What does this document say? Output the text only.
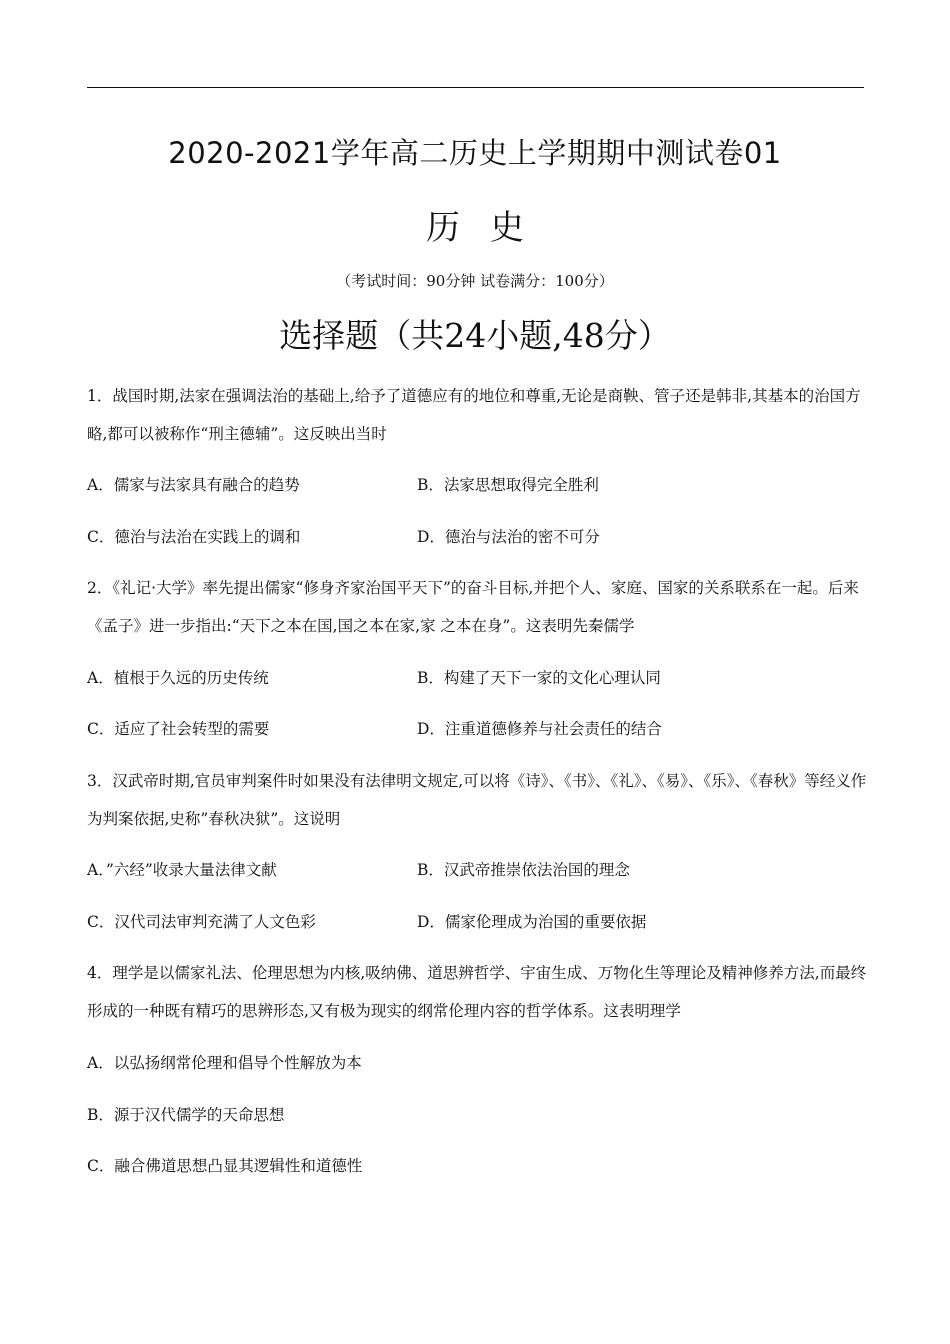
2020-2021学年高二历史上学期期中测试卷01
历史
（考试时间：90分钟 试卷满分：100分）
选择题（共24小题,48分）
1．战国时期,法家在强调法治的基础上,给予了道德应有的地位和尊重,无论是商鞅、管子还是韩非,其基本的治国方略,都可以被称作“刑主德辅”。这反映出当时
A．儒家与法家具有融合的趋势	B．法家思想取得完全胜利
C．德治与法治在实践上的调和	D．德治与法治的密不可分
2．《礼记·大学》率先提出儒家“修身齐家治国平天下”的奋斗目标,并把个人、家庭、国家的关系联系在一起。后来《孟子》进一步指出:“天下之本在国,国之本在家,家 之本在身”。这表明先秦儒学
A．植根于久远的历史传统	B．构建了天下一家的文化心理认同
C．适应了社会转型的需要	D．注重道德修养与社会责任的结合
3．汉武帝时期,官员审判案件时如果没有法律明文规定,可以将《诗》、《书》、《礼》、《易》、《乐》、《春秋》等经义作为判案依据,史称”春秋决狱”。这说明
A．”六经”收录大量法律文献	B．汉武帝推崇依法治国的理念
C．汉代司法审判充满了人文色彩	D．儒家伦理成为治国的重要依据
4．理学是以儒家礼法、伦理思想为内核,吸纳佛、道思辨哲学、宇宙生成、万物化生等理论及精神修养方法,而最终形成的一种既有精巧的思辨形态,又有极为现实的纲常伦理内容的哲学体系。这表明理学
A．以弘扬纲常伦理和倡导个性解放为本
B．源于汉代儒学的天命思想
C．融合佛道思想凸显其逻辑性和道德性
